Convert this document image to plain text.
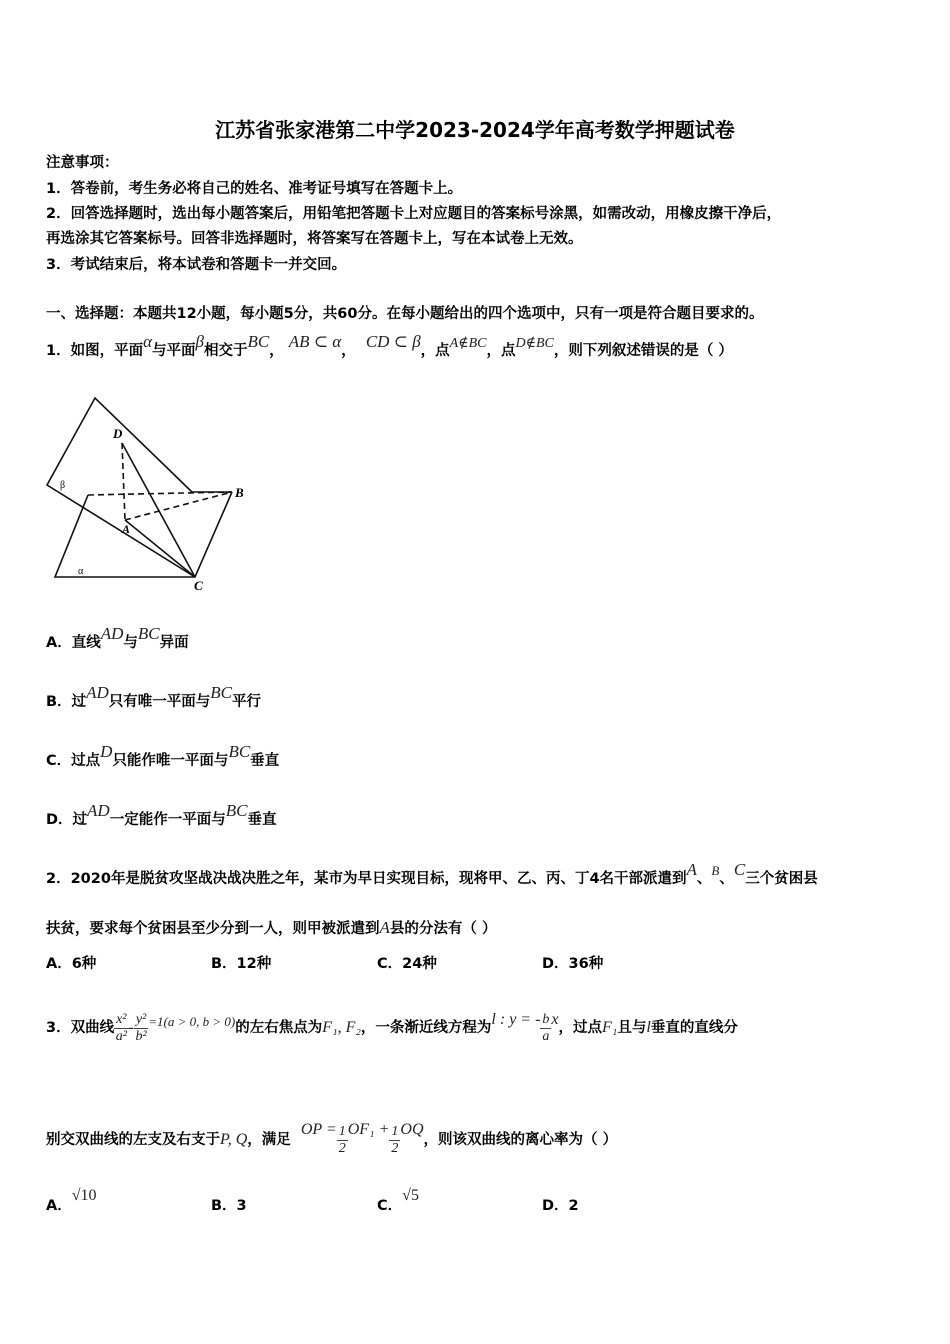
江苏省张家港第二中学2023-2024学年高考数学押题试卷
注意事项：
1．答卷前，考生务必将自己的姓名、准考证号填写在答题卡上。
2．回答选择题时，选出每小题答案后，用铅笔把答题卡上对应题目的答案标号涂黑，如需改动，用橡皮擦干净后，
再选涂其它答案标号。回答非选择题时，将答案写在答题卡上，写在本试卷上无效。
3．考试结束后，将本试卷和答题卡一并交回。
一、选择题：本题共12小题，每小题5分，共60分。在每小题给出的四个选项中，只有一项是符合题目要求的。
1．如图，平面α与平面β相交于BC， AB ⊂ α， CD ⊂ β，点A∉BC，点D∉BC，则下列叙述错误的是（ ）
D
A
B
C
β
α
A．直线AD与BC异面
B．过AD只有唯一平面与BC平行
C．过点D只能作唯一平面与BC垂直
D．过AD一定能作一平面与BC垂直
2．2020年是脱贫攻坚战决战决胜之年，某市为早日实现目标，现将甲、乙、丙、丁4名干部派遣到A、B、C三个贫困县
扶贫，要求每个贫困县至少分到一人，则甲被派遣到A县的分法有（ ）
A．6种	B．12种	C．24种	D．36种
3．双曲线 $\frac{\text{x²}}{\text{a²}} - \frac{\text{y²}}{\text{b²}} =1(a > 0$, b > 0)的左右焦点为F₁, F₂，一条渐近线方程为l : y = - $\frac{b}{a}$ x，过点F₁且与l垂直的直线分
别交双曲线的左支及右支于P, Q，满足  OP = $\frac{1}{2} OF_1 + \frac{1}{2}$ OQ，则该双曲线的离心率为（ ）
A．√10
B．3	C．√5
D．2
